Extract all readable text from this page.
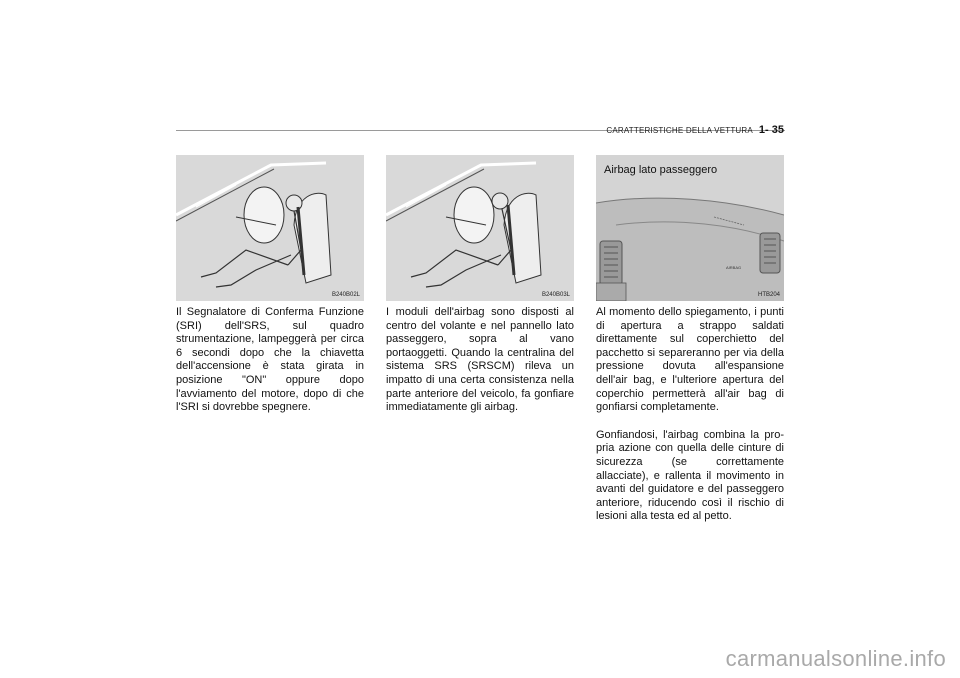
CARATTERISTICHE DELLA VETTURA 1- 35
B240B02L	B240B03L
AIRBAG
Airbag lato passeggero
HTB204

Il Segnalatore di Conferma Funzione (SRI) dell'SRS, sul quadro strumentazione, lampeggerà per circa 6 secondi dopo che la chiavetta dell'accensione è stata girata in posizione "ON" oppure dopo l'avviamento del motore, dopo di che l'SRI si dovrebbe spegnere.

I moduli dell'airbag sono disposti al centro del volante e nel pannello lato passeggero, sopra al vano portaoggetti. Quando la centralina del sistema SRS (SRSCM) rileva un impatto di una certa consistenza nella parte anteriore del veicolo, fa gonfiare immediatamente gli airbag.

Al momento dello spiegamento, i punti di apertura a strappo saldati direttamente sul coperchietto del pacchetto si separeranno per via della pressione dovuta all'espansione dell'air bag, e l'ulteriore apertura del coperchio permetterà all'air bag di gonfiarsi completamente.

Gonfiandosi, l'airbag combina la pro-pria azione con quella delle cinture di sicurezza (se correttamente allacciate), e rallenta il movimento in avanti del guidatore e del passeggero anteriore, riducendo così il rischio di lesioni alla testa ed al petto.

carmanualsonline.info
